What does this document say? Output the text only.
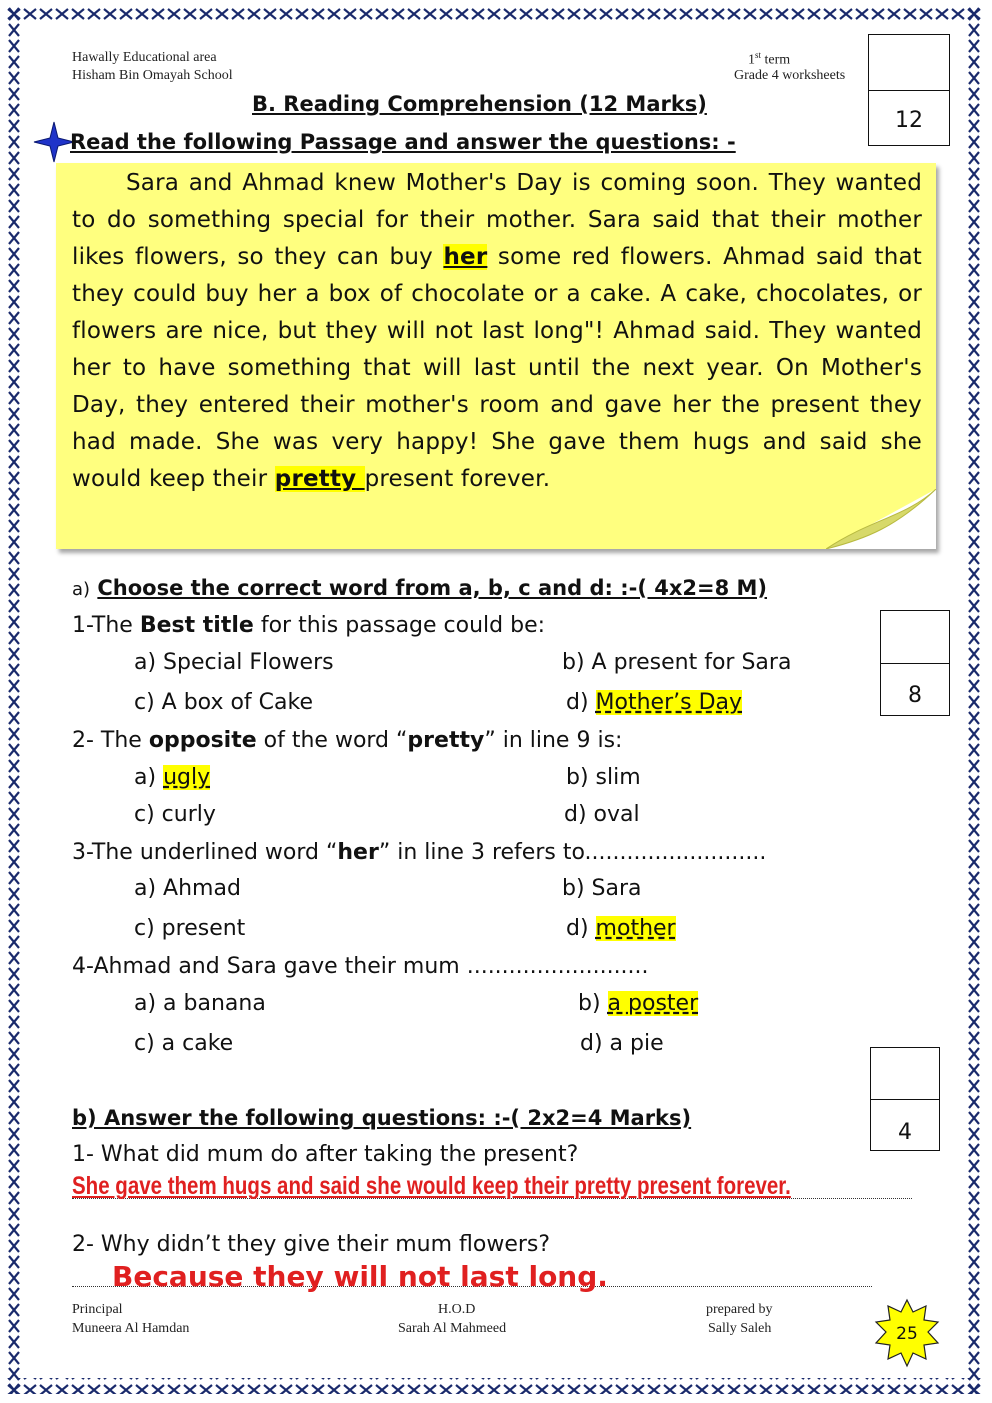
Hawally Educational area
Hisham Bin Omayah School
1st term
Grade 4 worksheets
12
B. Reading Comprehension (12 Marks)
Read the following Passage and answer the questions: -

Sara and Ahmad knew Mother's Day is coming soon. They wanted to do something special for their mother. Sara said that their mother likes flowers, so they can buy her some red flowers. Ahmad said that they could buy her a box of chocolate or a cake. A cake, chocolates, or flowers are nice, but they will not last long"! Ahmad said. They wanted her to have something that will last until the next year. On Mother's Day, they entered their mother's room and gave her the present they had made. She was very happy! She gave them hugs and said she would keep their pretty present forever.

a) Choose the correct word from a, b, c and d: :-( 4x2=8 M)
8
1-The Best title for this passage could be:
a) Special Flowers	b) A present for Sara
c) A box of Cake	d) Mother’s Day
2- The opposite of the word “pretty” in line 9 is:
a) ugly	b) slim
c) curly	d) oval
3-The underlined word “her” in line 3 refers to..........................
a) Ahmad	b) Sara
c) present	d) mother
4-Ahmad and Sara gave their mum ..........................
a) a banana	b) a poster
c) a cake	d) a pie
4
b) Answer the following questions: :-( 2x2=4 Marks)
1- What did mum do after taking the present?
She gave them hugs and said she would keep their pretty present forever.
2- Why didn’t they give their mum flowers?
Because they will not last long.
Principal
Muneera Al Hamdan
H.O.D
Sarah Al Mahmeed
prepared by
Sally Saleh	25
